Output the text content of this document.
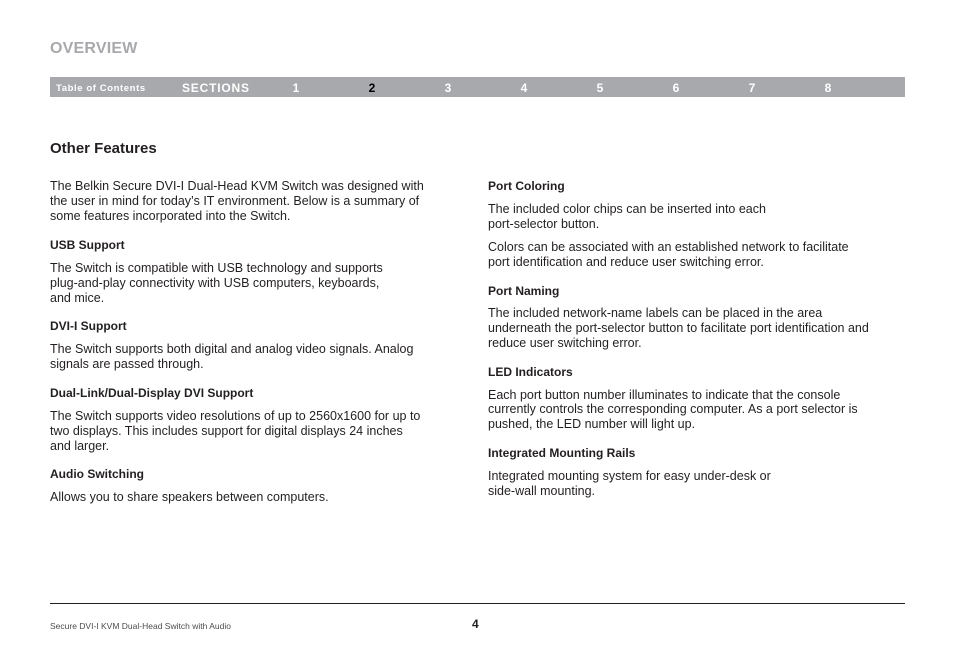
OVERVIEW
Table of Contents	SECTIONS	1	2	3	4	5	6	7	8
Other Features

The Belkin Secure DVI-I Dual-Head KVM Switch was designed with

the user in mind for today’s IT environment. Below is a summary of

some features incorporated into the Switch.

USB Support

The Switch is compatible with USB technology and supports

plug-and-play connectivity with USB computers, keyboards,

and mice.

DVI-I Support

The Switch supports both digital and analog video signals. Analog

signals are passed through.

Dual-Link/Dual-Display DVI Support

The Switch supports video resolutions of up to 2560x1600 for up to

two displays. This includes support for digital displays 24 inches

and larger.

Audio Switching

Allows you to share speakers between computers.

Port Coloring

The included color chips can be inserted into each

port-selector button.

Colors can be associated with an established network to facilitate

port identification and reduce user switching error.

Port Naming

The included network-name labels can be placed in the area

underneath the port-selector button to facilitate port identification and

reduce user switching error.

LED Indicators

Each port button number illuminates to indicate that the console

currently controls the corresponding computer. As a port selector is

pushed, the LED number will light up.

Integrated Mounting Rails

Integrated mounting system for easy under-desk or

side-wall mounting.

Secure DVI-I KVM Dual-Head Switch with Audio	4
